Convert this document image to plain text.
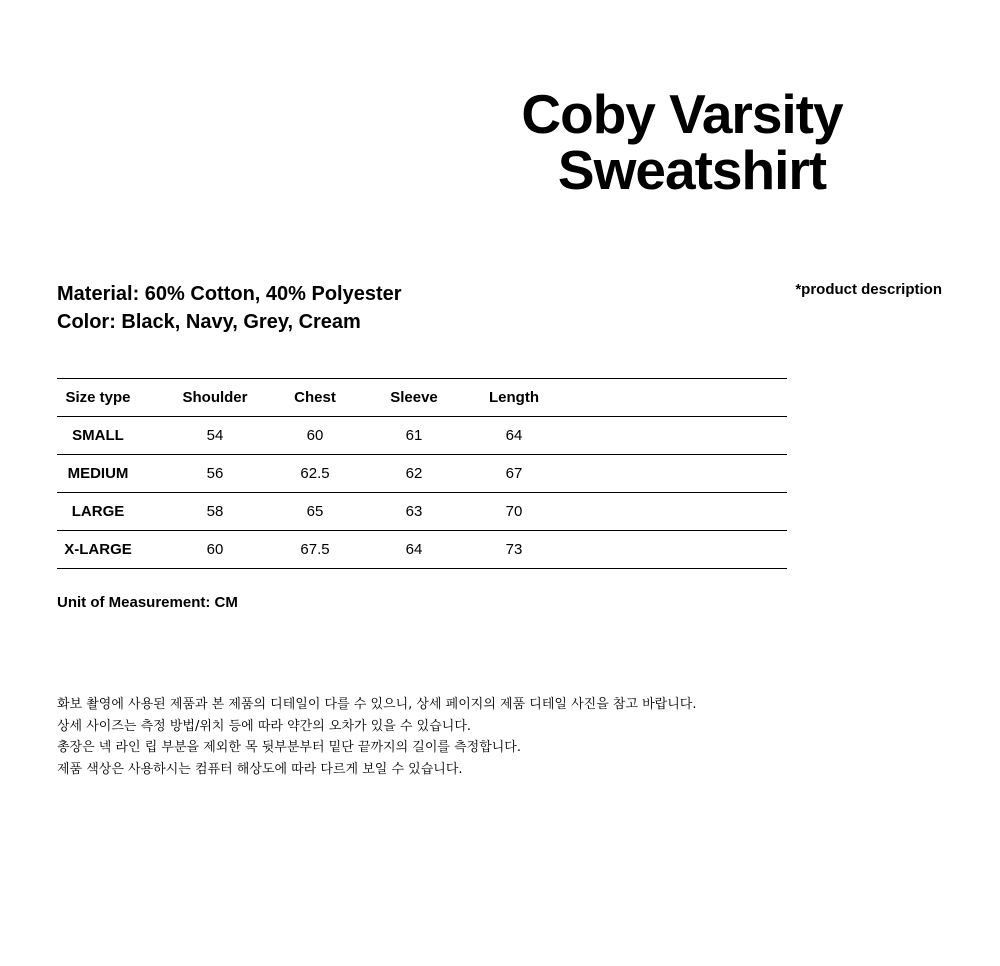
Coby Varsity
Sweatshirt
*product description
Material: 60% Cotton, 40% Polyester
Color: Black, Navy, Grey, Cream
Size type	Shoulder	Chest	Sleeve	Length	
SMALL	54	60	61	64	
MEDIUM	56	62.5	62	67	
LARGE	58	65	63	70	
X-LARGE	60	67.5	64	73	
Unit of Measurement: CM
화보 촬영에 사용된 제품과 본 제품의 디테일이 다를 수 있으니, 상세 페이지의 제품 디테일 사진을 참고 바랍니다.
상세 사이즈는 측정 방법/위치 등에 따라 약간의 오차가 있을 수 있습니다.
총장은 넥 라인 립 부분을 제외한 목 뒷부분부터 밑단 끝까지의 길이를 측정합니다.
제품 색상은 사용하시는 컴퓨터 해상도에 따라 다르게 보일 수 있습니다.
